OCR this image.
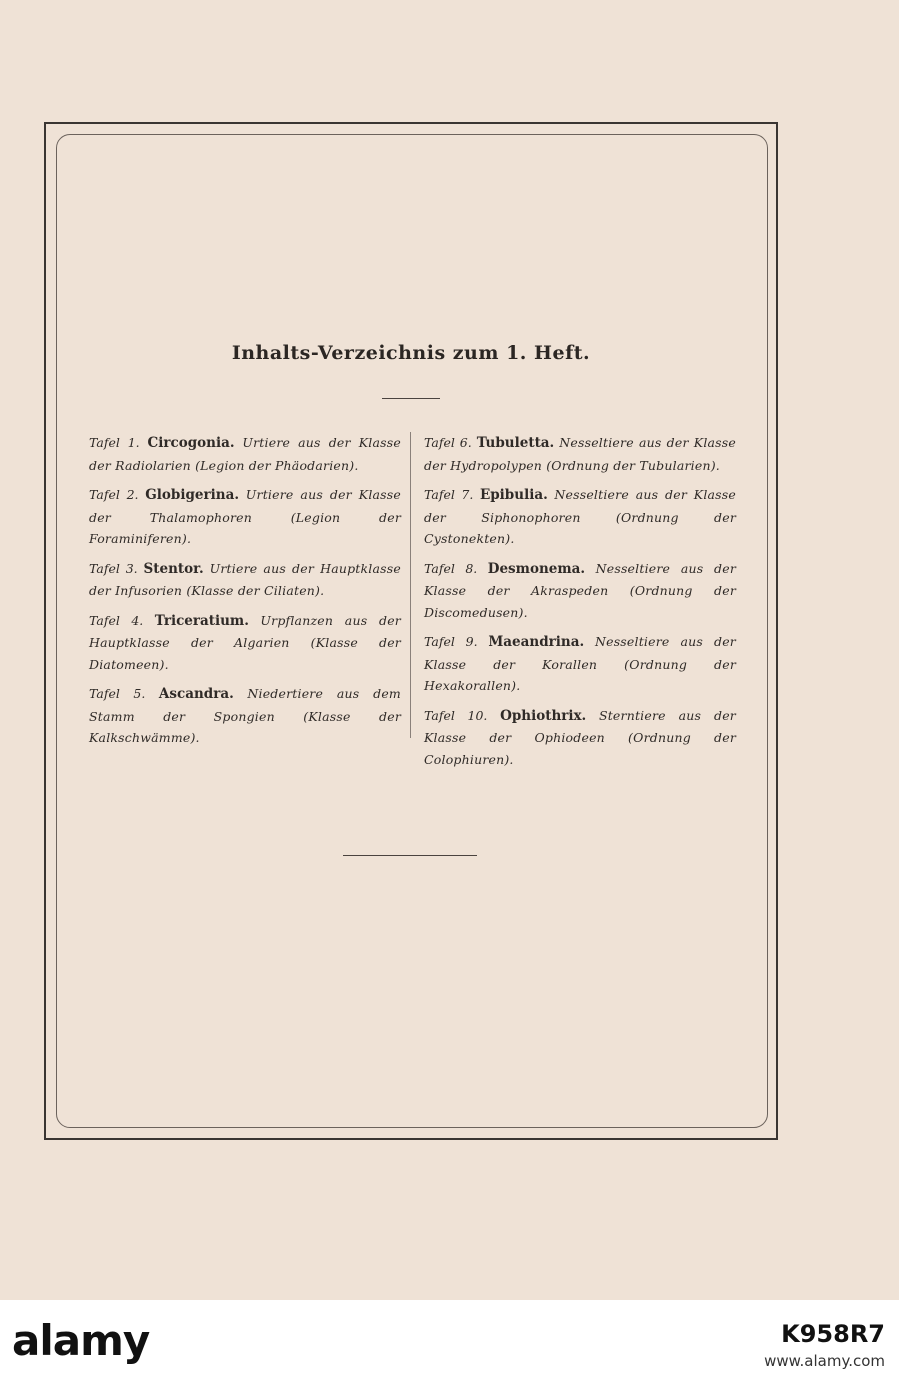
Inhalts-Verzeichnis zum 1. Heft.
Tafel 1. Circogonia. Urtiere aus der Klasse der Radiolarien (Legion der Phäodarien).
Tafel 2. Globigerina. Urtiere aus der Klasse der Thalamophoren (Legion der Foraminiferen).
Tafel 3. Stentor. Urtiere aus der Hauptklasse der Infusorien (Klasse der Ciliaten).
Tafel 4. Triceratium. Urpflanzen aus der Hauptklasse der Algarien (Klasse der Diatomeen).
Tafel 5. Ascandra. Niedertiere aus dem Stamm der Spongien (Klasse der Kalkschwämme).
Tafel 6. Tubuletta. Nesseltiere aus der Klasse der Hydropolypen (Ordnung der Tubularien).
Tafel 7. Epibulia. Nesseltiere aus der Klasse der Siphonophoren (Ordnung der Cystonekten).
Tafel 8. Desmonema. Nesseltiere aus der Klasse der Akraspeden (Ordnung der Discomedusen).
Tafel 9. Maeandrina. Nesseltiere aus der Klasse der Korallen (Ordnung der Hexakorallen).
Tafel 10. Ophiothrix. Sterntiere aus der Klasse der Ophiodeen (Ordnung der Colophiuren).
alamy	K958R7
www.alamy.com
